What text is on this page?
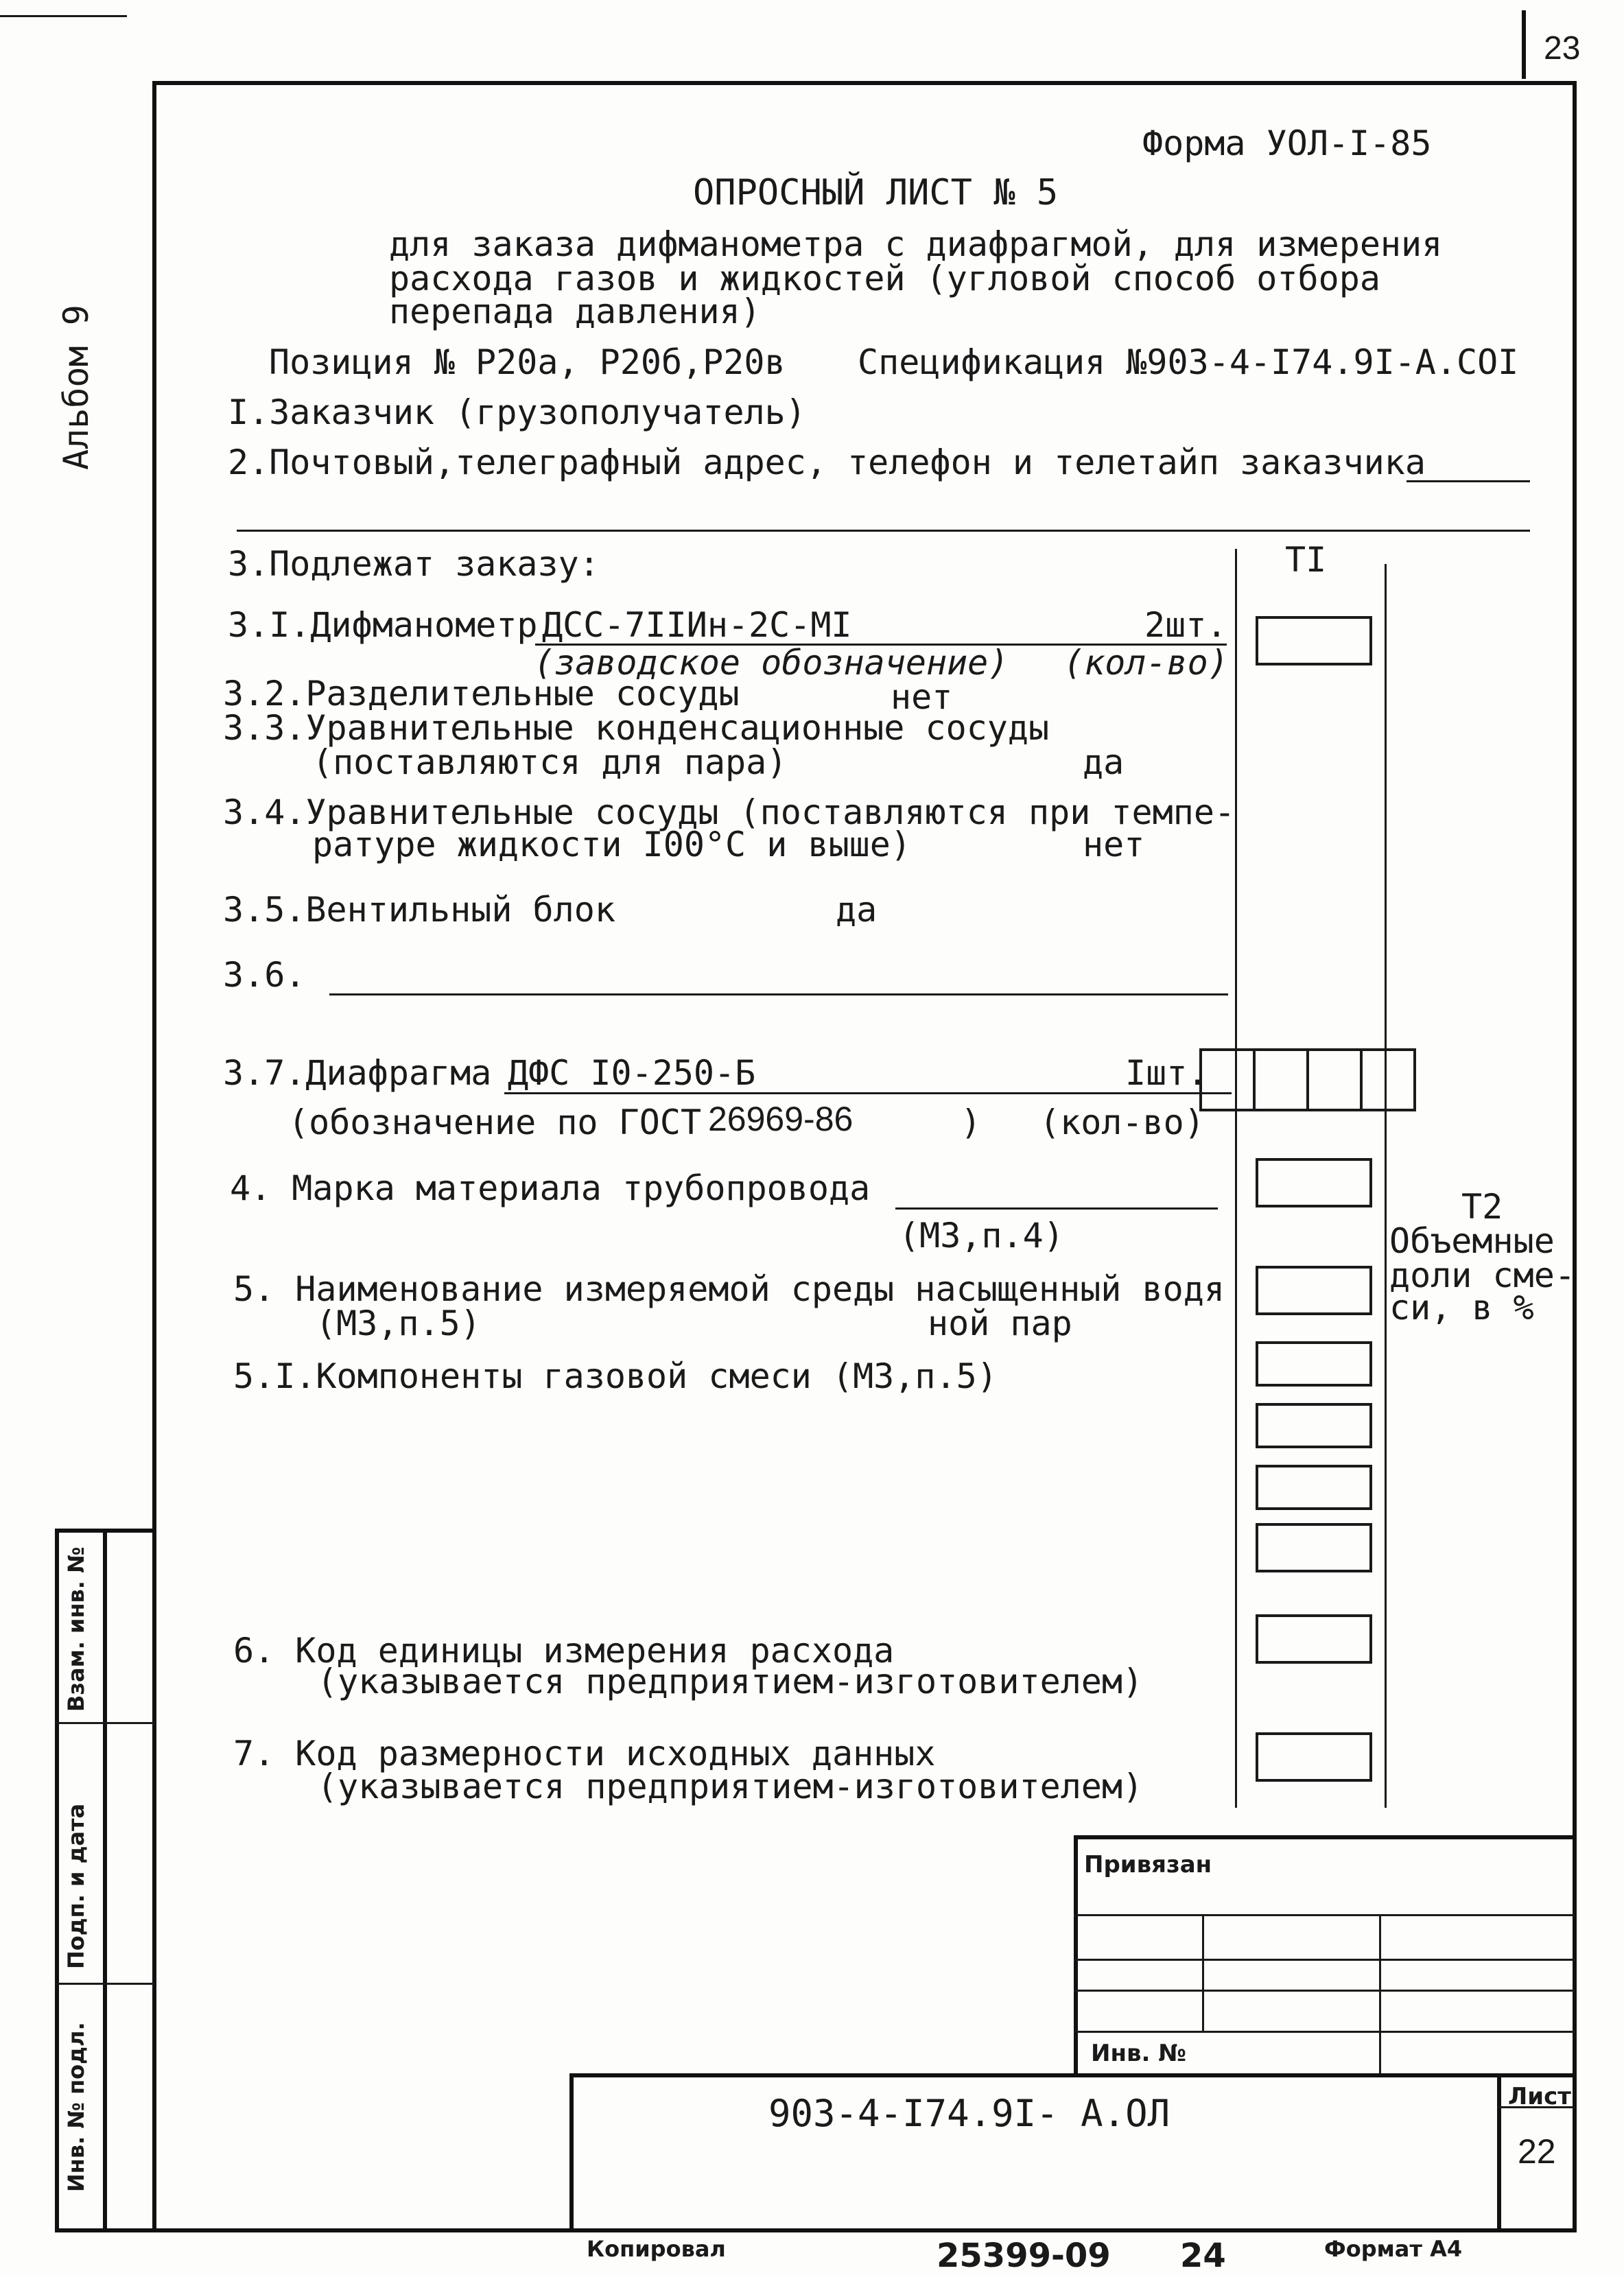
23
Альбом 9
Форма УОЛ-I-85
ОПРОСНЫЙ ЛИСТ № 5
для заказа дифманометра с диафрагмой, для измерения
расхода газов и жидкостей (угловой способ отбора
перепада давления)
Позиция № Р20а, Р20б,Р20в Спецификация №903-4-I74.9I-А.СОI
I.Заказчик (грузополучатель)
2.Почтовый,телеграфный адрес, телефон и телетайп заказчика
TI
3.Подлежат заказу:
3.I.Дифманометр ДСС-7IIИн-2С-МI	2шт.
(заводское обозначение) (кол-во)
3.2.Разделительные сосуды	нет
3.3.Уравнительные конденсационные сосуды
(поставляются для пара)	да
3.4.Уравнительные сосуды (поставляются при темпе-
ратуре жидкости I00°С и выше)	нет
3.5.Вентильный блок	да
3.6.
3.7.Диафрагма ДФС I0-250-Б	Iшт.
(обозначение по ГОСТ 26969-86	) (кол-во)
4. Марка материала трубопровода
(МЗ,п.4)
T2
Объемные
доли сме-
си, в %
5. Наименование измеряемой среды насыщенный водя
(МЗ,п.5)	ной пар
5.I.Компоненты газовой смеси (МЗ,п.5)
6. Код единицы измерения расхода
(указывается предприятием-изготовителем)
7. Код размерности исходных данных
(указывается предприятием-изготовителем)
Взам. инв. №
Подп. и дата
Инв. № подл.
Привязан
Инв. №
903-4-I74.9I- А.ОЛ	Лист
22
Копировал	25399-09 24	Формат А4
